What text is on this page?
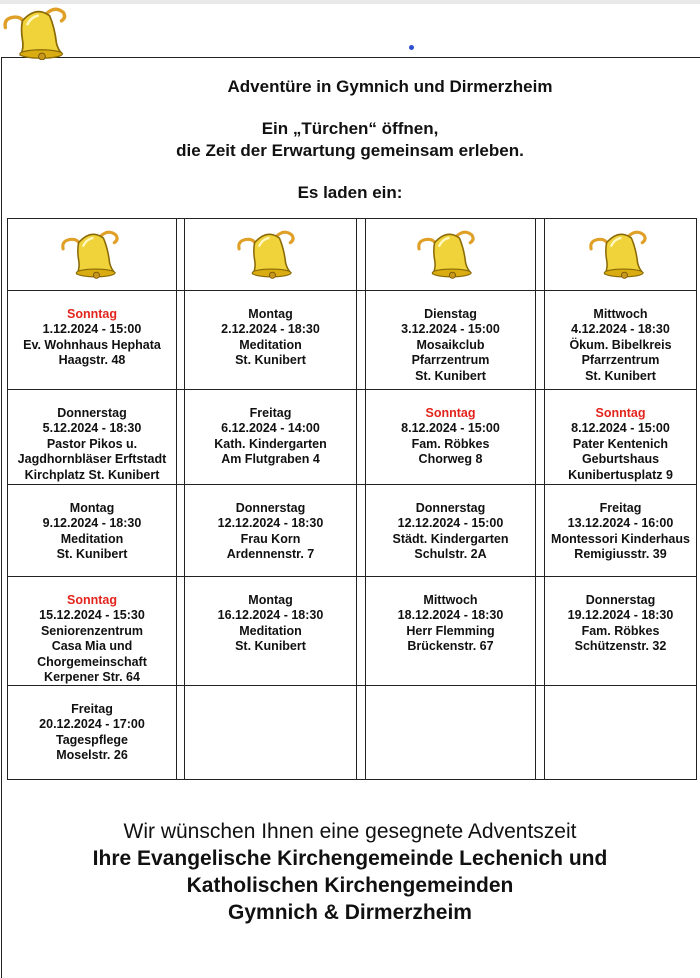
Adventüre in Gymnich und Dirmerzheim
Ein „Türchen“ öffnen,
die Zeit der Erwartung gemeinsam erleben.
Es laden ein:
Sonntag
1.12.2024 - 15:00
Ev. Wohnhaus Hephata
Haagstr. 48
Montag
2.12.2024 - 18:30
Meditation
St. Kunibert
Dienstag
3.12.2024 - 15:00
Mosaikclub
Pfarrzentrum
St. Kunibert
Mittwoch
4.12.2024 - 18:30
Ökum. Bibelkreis
Pfarrzentrum
St. Kunibert
Donnerstag
5.12.2024 - 18:30
Pastor Pikos u.
Jagdhornbläser Erftstadt
Kirchplatz St. Kunibert
Freitag
6.12.2024 - 14:00
Kath. Kindergarten
Am Flutgraben 4
Sonntag
8.12.2024 - 15:00
Fam. Röbkes
Chorweg 8
Sonntag
8.12.2024 - 15:00
Pater Kentenich
Geburtshaus
Kunibertusplatz 9
Montag
9.12.2024 - 18:30
Meditation
St. Kunibert
Donnerstag
12.12.2024 - 18:30
Frau Korn
Ardennenstr. 7
Donnerstag
12.12.2024 - 15:00
Städt. Kindergarten
Schulstr. 2A
Freitag
13.12.2024 - 16:00
Montessori Kinderhaus
Remigiusstr. 39
Sonntag
15.12.2024 - 15:30
Seniorenzentrum
Casa Mia und
Chorgemeinschaft
Kerpener Str. 64
Montag
16.12.2024 - 18:30
Meditation
St. Kunibert
Mittwoch
18.12.2024 - 18:30
Herr Flemming
Brückenstr. 67
Donnerstag
19.12.2024 - 18:30
Fam. Röbkes
Schützenstr. 32
Freitag
20.12.2024 - 17:00
Tagespflege
Moselstr. 26
Wir wünschen Ihnen eine gesegnete Adventszeit
Ihre Evangelische Kirchengemeinde Lechenich und
Katholischen Kirchengemeinden
Gymnich & Dirmerzheim
